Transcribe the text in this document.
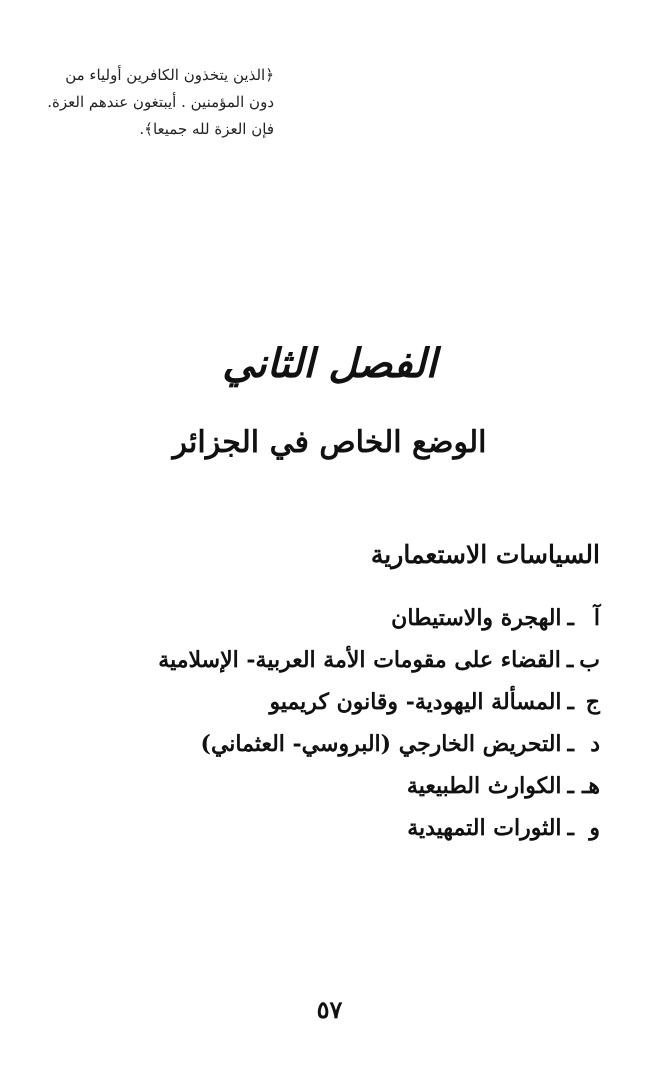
﴿الذين يتخذون الكافرين أولياء من
دون المؤمنين . أيبتغون عندهم العزة.
فإن العزة لله جميعا﴾.
الفصل الثاني
الوضع الخاص في الجزائر
السياسات الاستعمارية
آـالهجرة والاستيطان
بـالقضاء على مقومات الأمة العربية- الإسلامية
جـالمسألة اليهودية- وقانون كريميو
دـالتحريض الخارجي (البروسي- العثماني)
هــالكوارث الطبيعية
وـالثورات التمهيدية
٥٧
